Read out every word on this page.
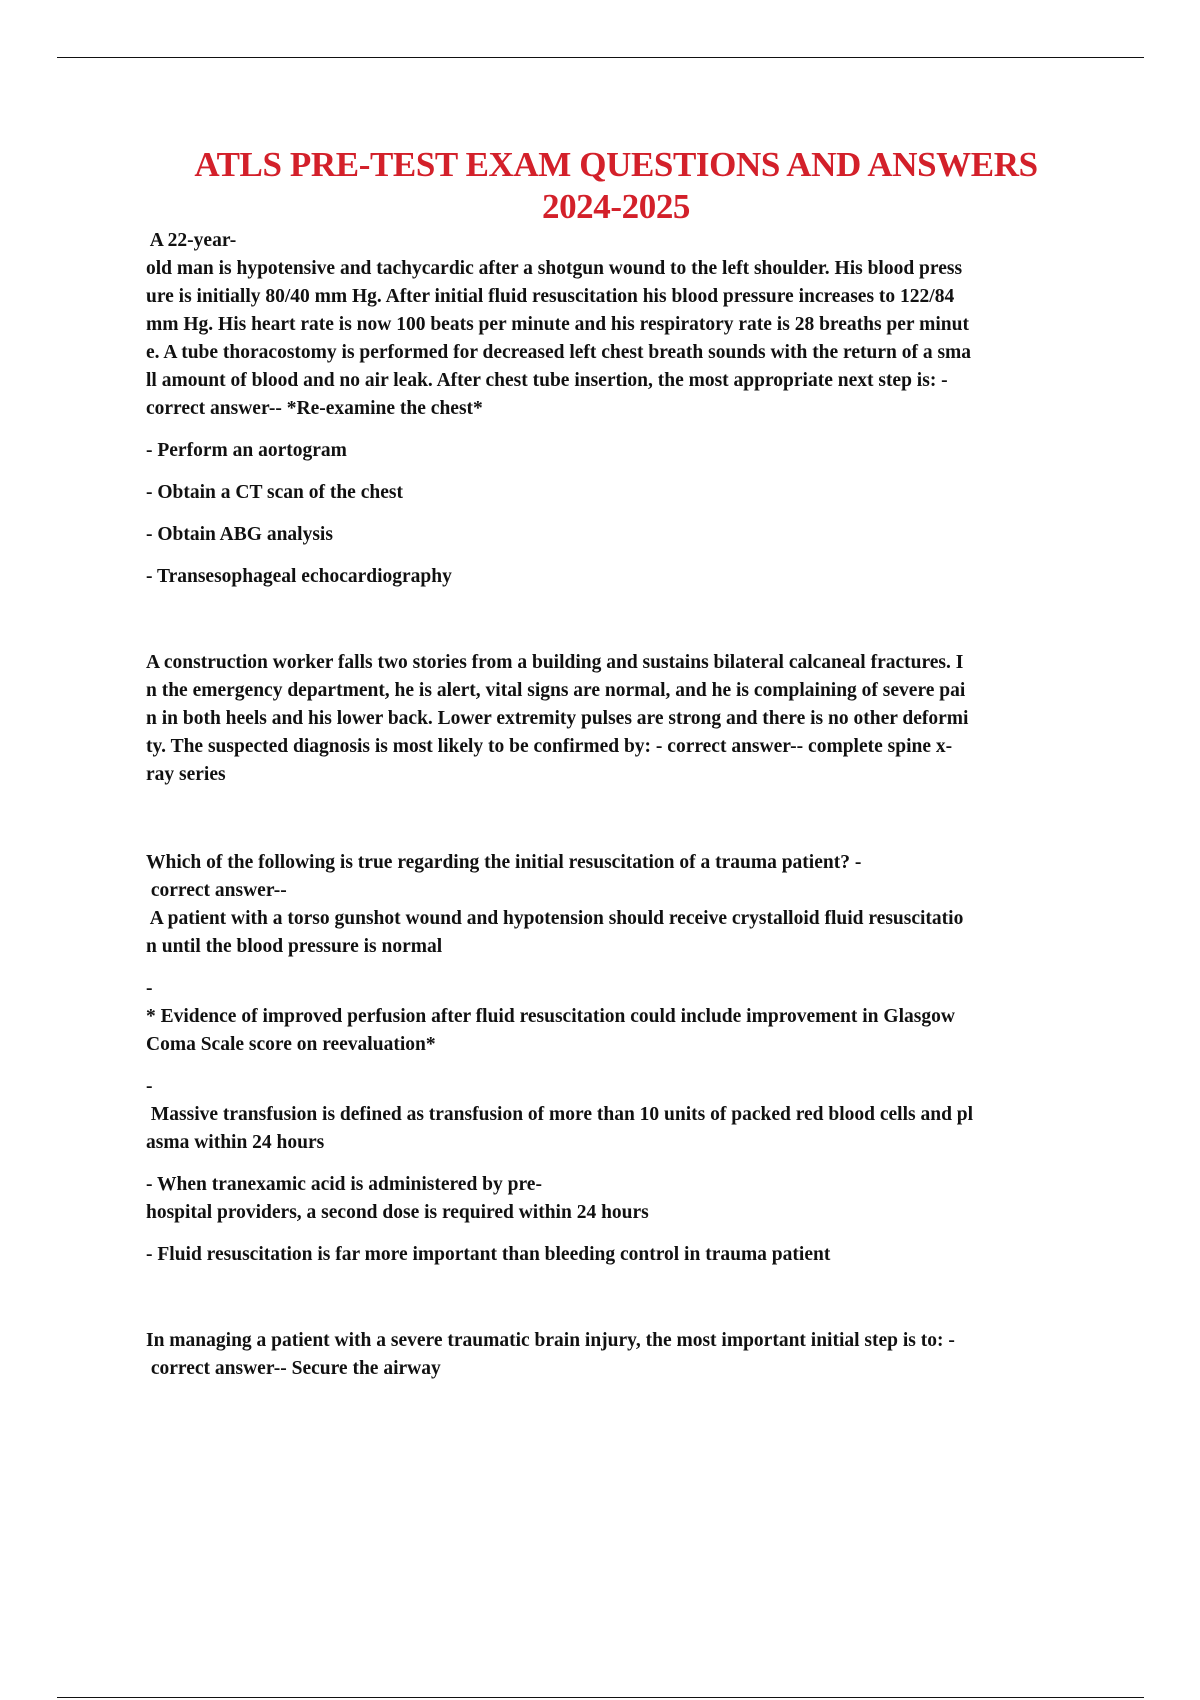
ATLS PRE-TEST EXAM QUESTIONS AND ANSWERS
2024-2025
A 22-year-
old man is hypotensive and tachycardic after a shotgun wound to the left shoulder. His blood press
ure is initially 80/40 mm Hg. After initial fluid resuscitation his blood pressure increases to 122/84
mm Hg. His heart rate is now 100 beats per minute and his respiratory rate is 28 breaths per minut
e. A tube thoracostomy is performed for decreased left chest breath sounds with the return of a sma
ll amount of blood and no air leak. After chest tube insertion, the most appropriate next step is: -
correct answer-- *Re-examine the chest*
- Perform an aortogram
- Obtain a CT scan of the chest
- Obtain ABG analysis
- Transesophageal echocardiography
A construction worker falls two stories from a building and sustains bilateral calcaneal fractures. I
n the emergency department, he is alert, vital signs are normal, and he is complaining of severe pai
n in both heels and his lower back. Lower extremity pulses are strong and there is no other deformi
ty. The suspected diagnosis is most likely to be confirmed by: - correct answer-- complete spine x-
ray series
Which of the following is true regarding the initial resuscitation of a trauma patient? -
correct answer--
A patient with a torso gunshot wound and hypotension should receive crystalloid fluid resuscitatio
n until the blood pressure is normal
-
* Evidence of improved perfusion after fluid resuscitation could include improvement in Glasgow
Coma Scale score on reevaluation*
-
Massive transfusion is defined as transfusion of more than 10 units of packed red blood cells and pl
asma within 24 hours
- When tranexamic acid is administered by pre-
hospital providers, a second dose is required within 24 hours
- Fluid resuscitation is far more important than bleeding control in trauma patient
In managing a patient with a severe traumatic brain injury, the most important initial step is to: -
correct answer-- Secure the airway
